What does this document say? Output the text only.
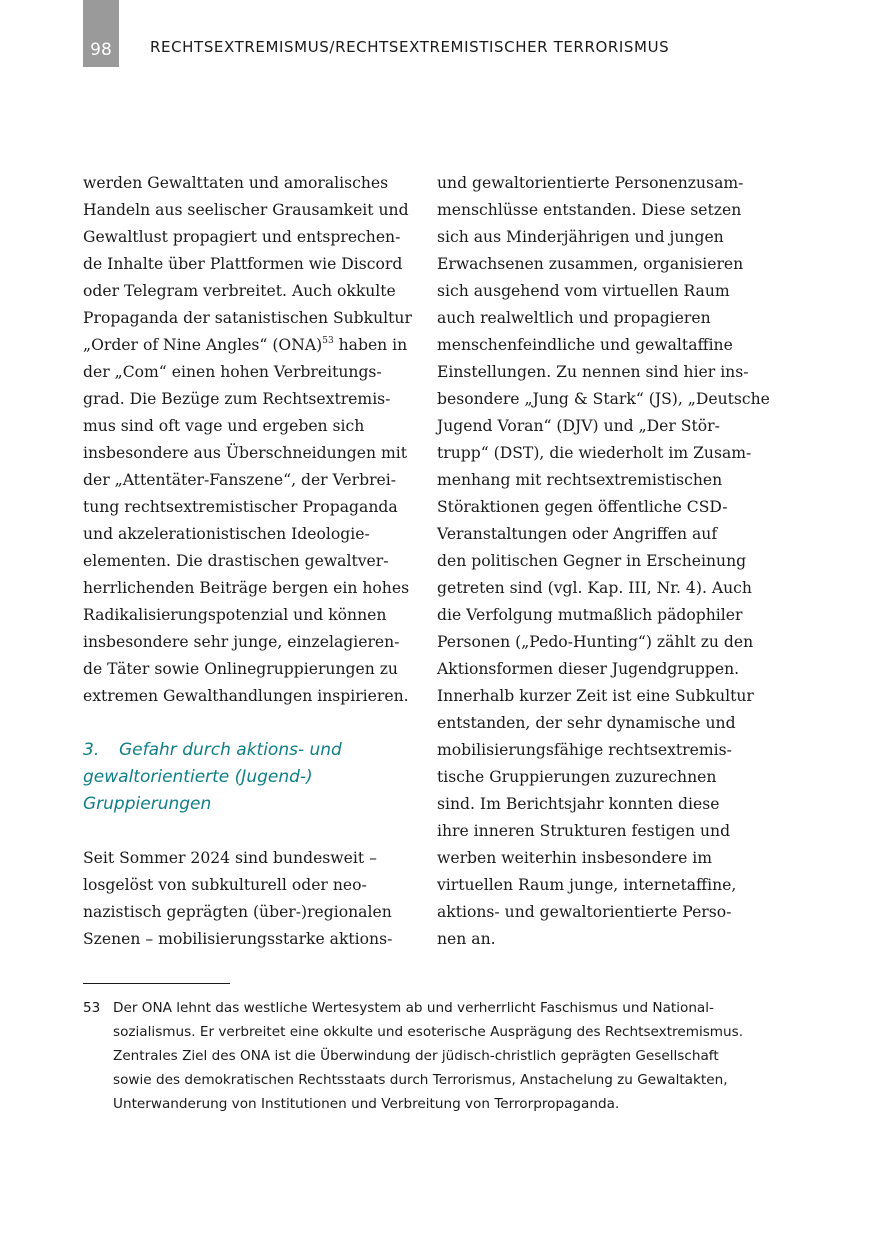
98	RECHTSEXTREMISMUS/RECHTSEXTREMISTISCHER TERRORISMUS
werden Gewalttaten und amoralisches
Handeln aus seelischer Grausamkeit und
Gewaltlust propagiert und entsprechen-
de Inhalte über Plattformen wie Discord
oder Telegram verbreitet. Auch okkulte
Propaganda der satanistischen Subkultur
„Order of Nine Angles“ (ONA)$^{53}$ haben in
der „Com“ einen hohen Verbreitungs-
grad. Die Bezüge zum Rechtsextremis-
mus sind oft vage und ergeben sich
insbesondere aus Überschneidungen mit
der „Attentäter-Fanszene“, der Verbrei-
tung rechtsextremistischer Propaganda
und akzelerationistischen Ideologie-
elementen. Die drastischen gewaltver-
herrlichenden Beiträge bergen ein hohes
Radikalisierungspotenzial und können
insbesondere sehr junge, einzelagieren-
de Täter sowie Onlinegruppierungen zu
extremen Gewalthandlungen inspirieren.
3. Gefahr durch aktions- und
gewaltorientierte (Jugend-)
Gruppierungen
Seit Sommer 2024 sind bundesweit –
losgelöst von subkulturell oder neo-
nazistisch geprägten (über-)regionalen
Szenen – mobilisierungsstarke aktions-
und gewaltorientierte Personenzusam-
menschlüsse entstanden. Diese setzen
sich aus Minderjährigen und jungen
Erwachsenen zusammen, organisieren
sich ausgehend vom virtuellen Raum
auch realweltlich und propagieren
menschenfeindliche und gewaltaffine
Einstellungen. Zu nennen sind hier ins-
besondere „Jung & Stark“ (JS), „Deutsche
Jugend Voran“ (DJV) und „Der Stör-
trupp“ (DST), die wiederholt im Zusam-
menhang mit rechtsextremistischen
Störaktionen gegen öffentliche CSD-
Veranstaltungen oder Angriffen auf
den politischen Gegner in Erscheinung
getreten sind (vgl. Kap. III, Nr. 4). Auch
die Verfolgung mutmaßlich pädophiler
Personen („Pedo-Hunting“) zählt zu den
Aktionsformen dieser Jugendgruppen.
Innerhalb kurzer Zeit ist eine Subkultur
entstanden, der sehr dynamische und
mobilisierungsfähige rechtsextremis-
tische Gruppierungen zuzurechnen
sind. Im Berichtsjahr konnten diese
ihre inneren Strukturen festigen und
werben weiterhin insbesondere im
virtuellen Raum junge, internetaffine,
aktions- und gewaltorientierte Perso-
nen an.
53 Der ONA lehnt das westliche Wertesystem ab und verherrlicht Faschismus und National-
sozialismus. Er verbreitet eine okkulte und esoterische Ausprägung des Rechtsextremismus.
Zentrales Ziel des ONA ist die Überwindung der jüdisch-christlich geprägten Gesellschaft
sowie des demokratischen Rechtsstaats durch Terrorismus, Anstachelung zu Gewaltakten,
Unterwanderung von Institutionen und Verbreitung von Terrorpropaganda.
